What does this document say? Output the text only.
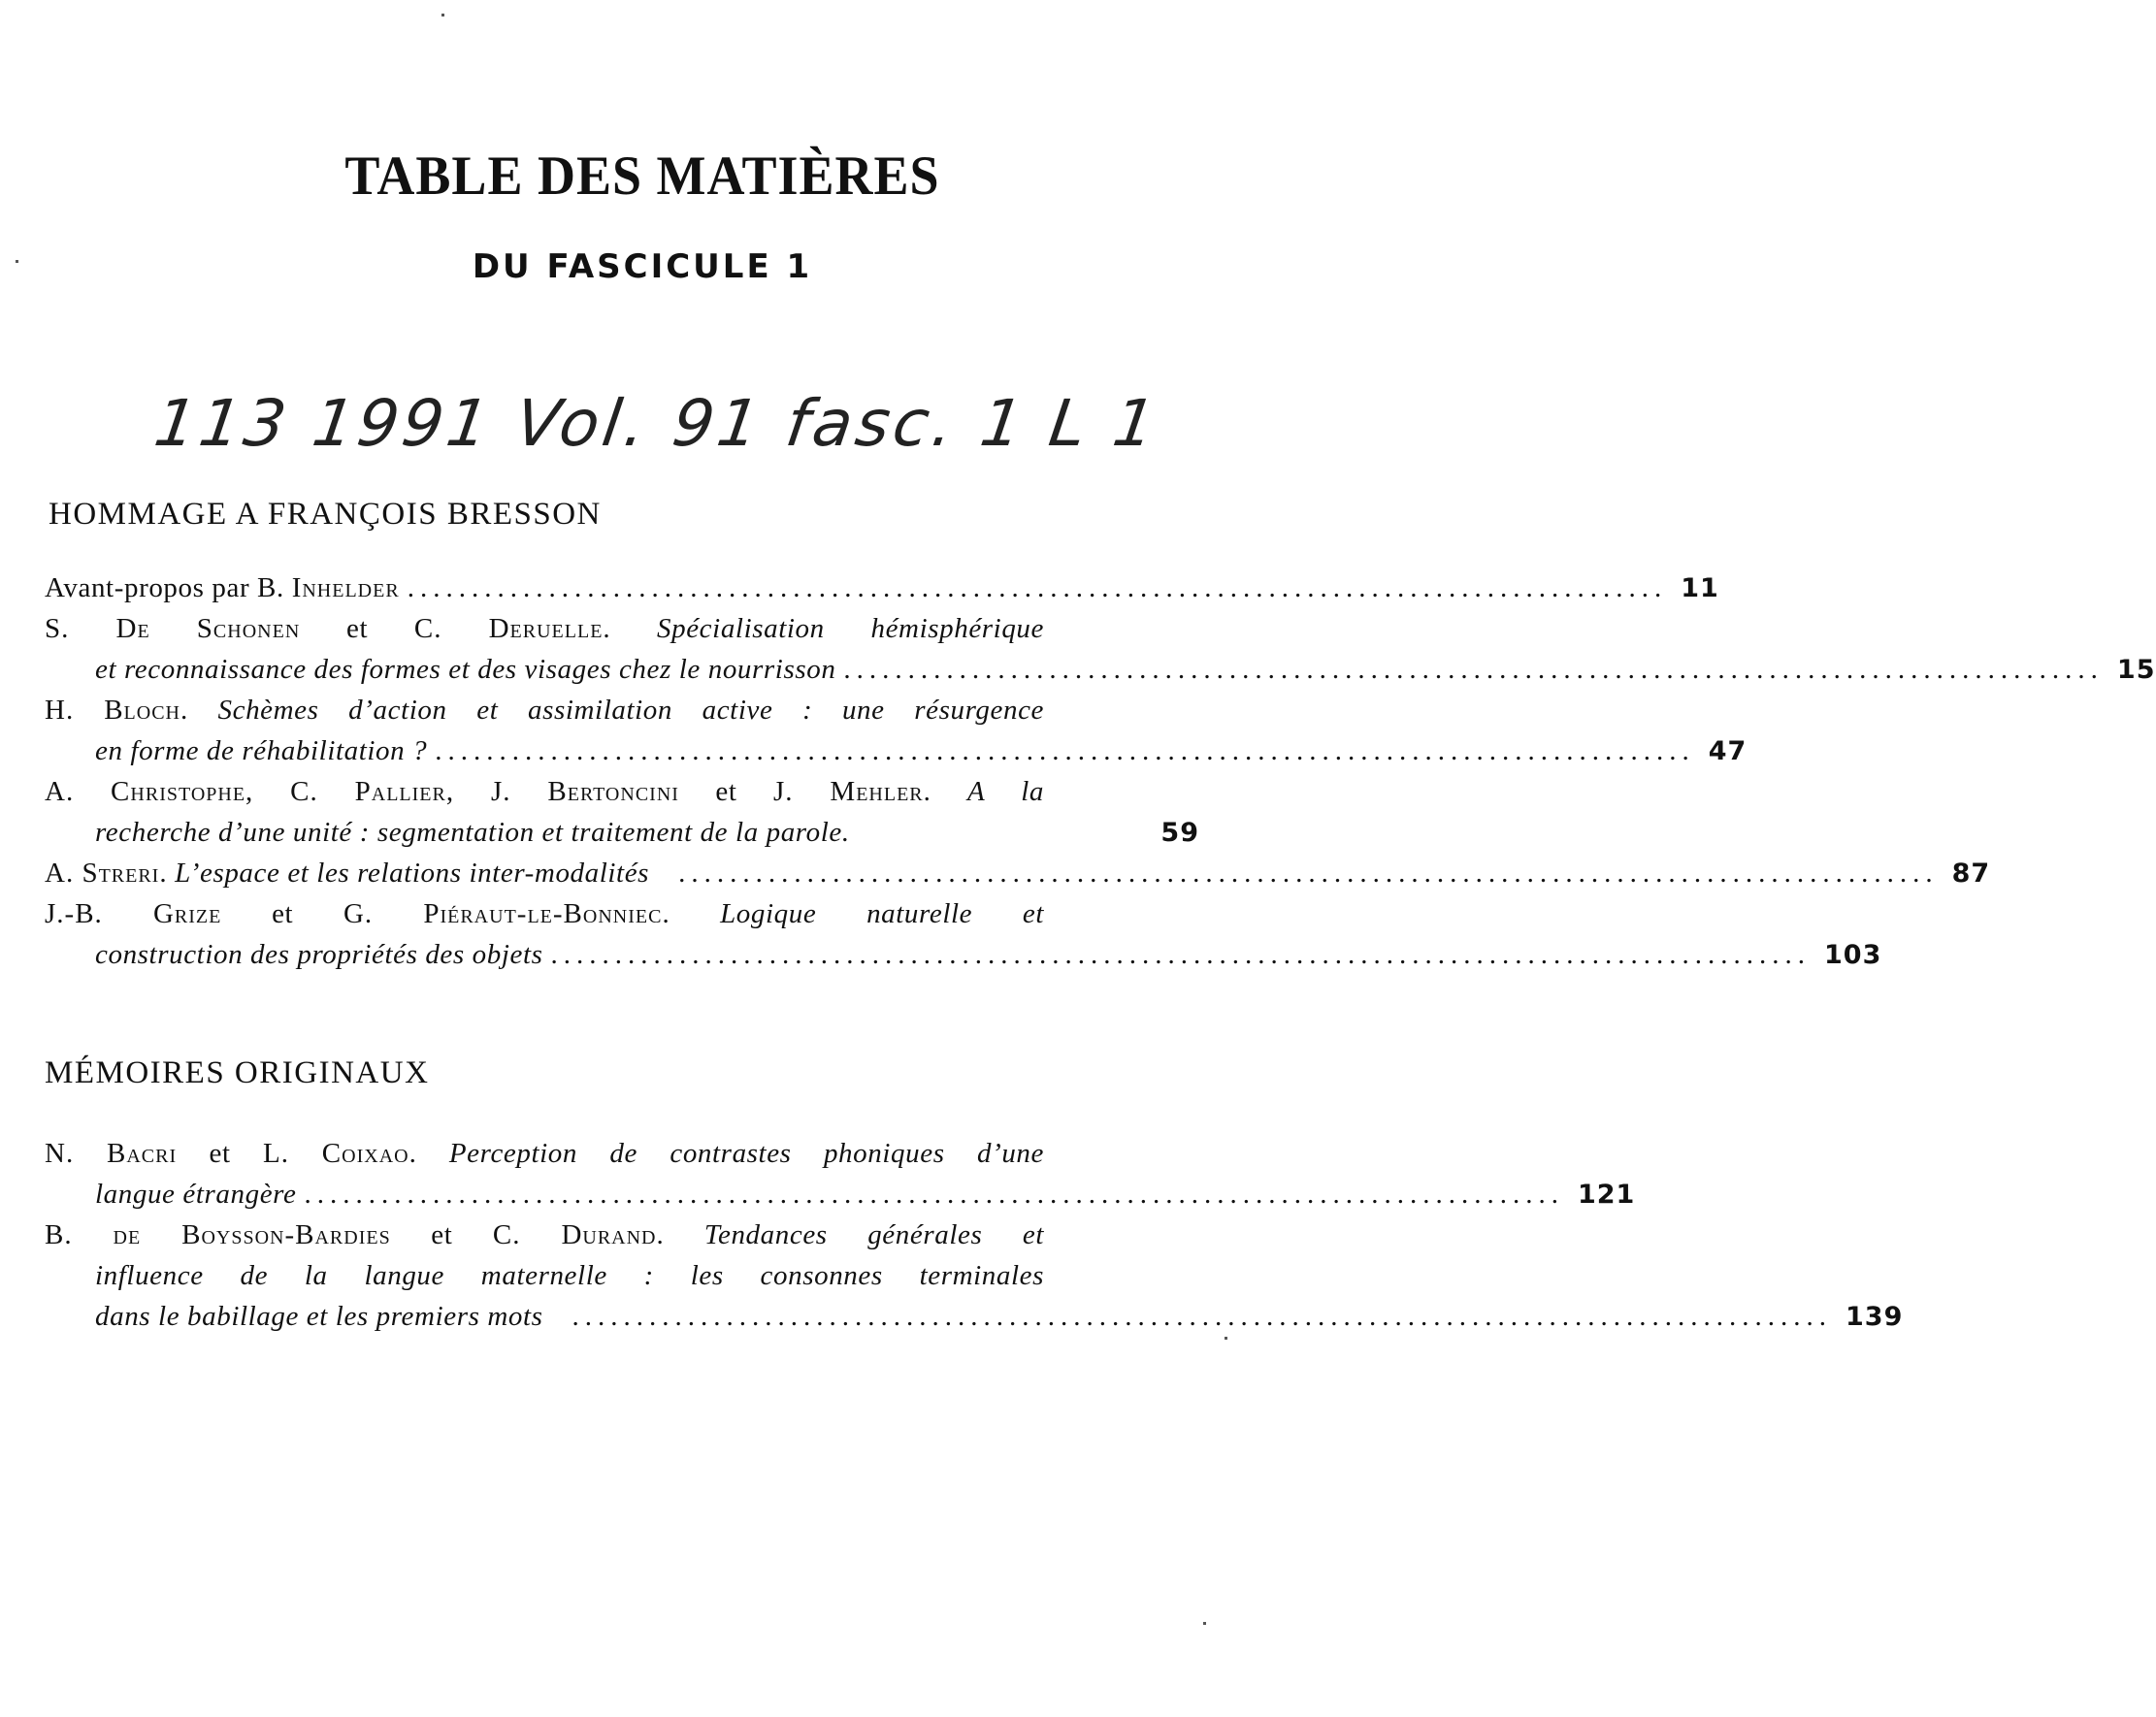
TABLE DES MATIÈRES
DU FASCICULE 1
113 1991 Vol. 91 fasc. 1 L 1
HOMMAGE A FRANÇOIS BRESSON
Avant-propos par B. Inhelder .................................................................................................. 11
S. De Schonen et C. Deruelle. Spécialisation hémisphérique
et reconnaissance des formes et des visages chez le nourrisson .................................................................................................. 15
H. Bloch. Schèmes d’action et assimilation active : une résurgence
en forme de réhabilitation ? .................................................................................................. 47
A. Christophe, C. Pallier, J. Bertoncini et J. Mehler. A la
recherche d’une unité : segmentation et traitement de la parole.	59
A. Streri. L’espace et les relations inter-modalités .................................................................................................. 87
J.-B. Grize et G. Piéraut-le-Bonniec. Logique naturelle et
construction des propriétés des objets .................................................................................................. 103
MÉMOIRES ORIGINAUX
N. Bacri et L. Coixao. Perception de contrastes phoniques d’une
langue étrangère .................................................................................................. 121
B. de Boysson-Bardies et C. Durand. Tendances générales et
influence de la langue maternelle : les consonnes terminales
dans le babillage et les premiers mots .................................................................................................. 139
